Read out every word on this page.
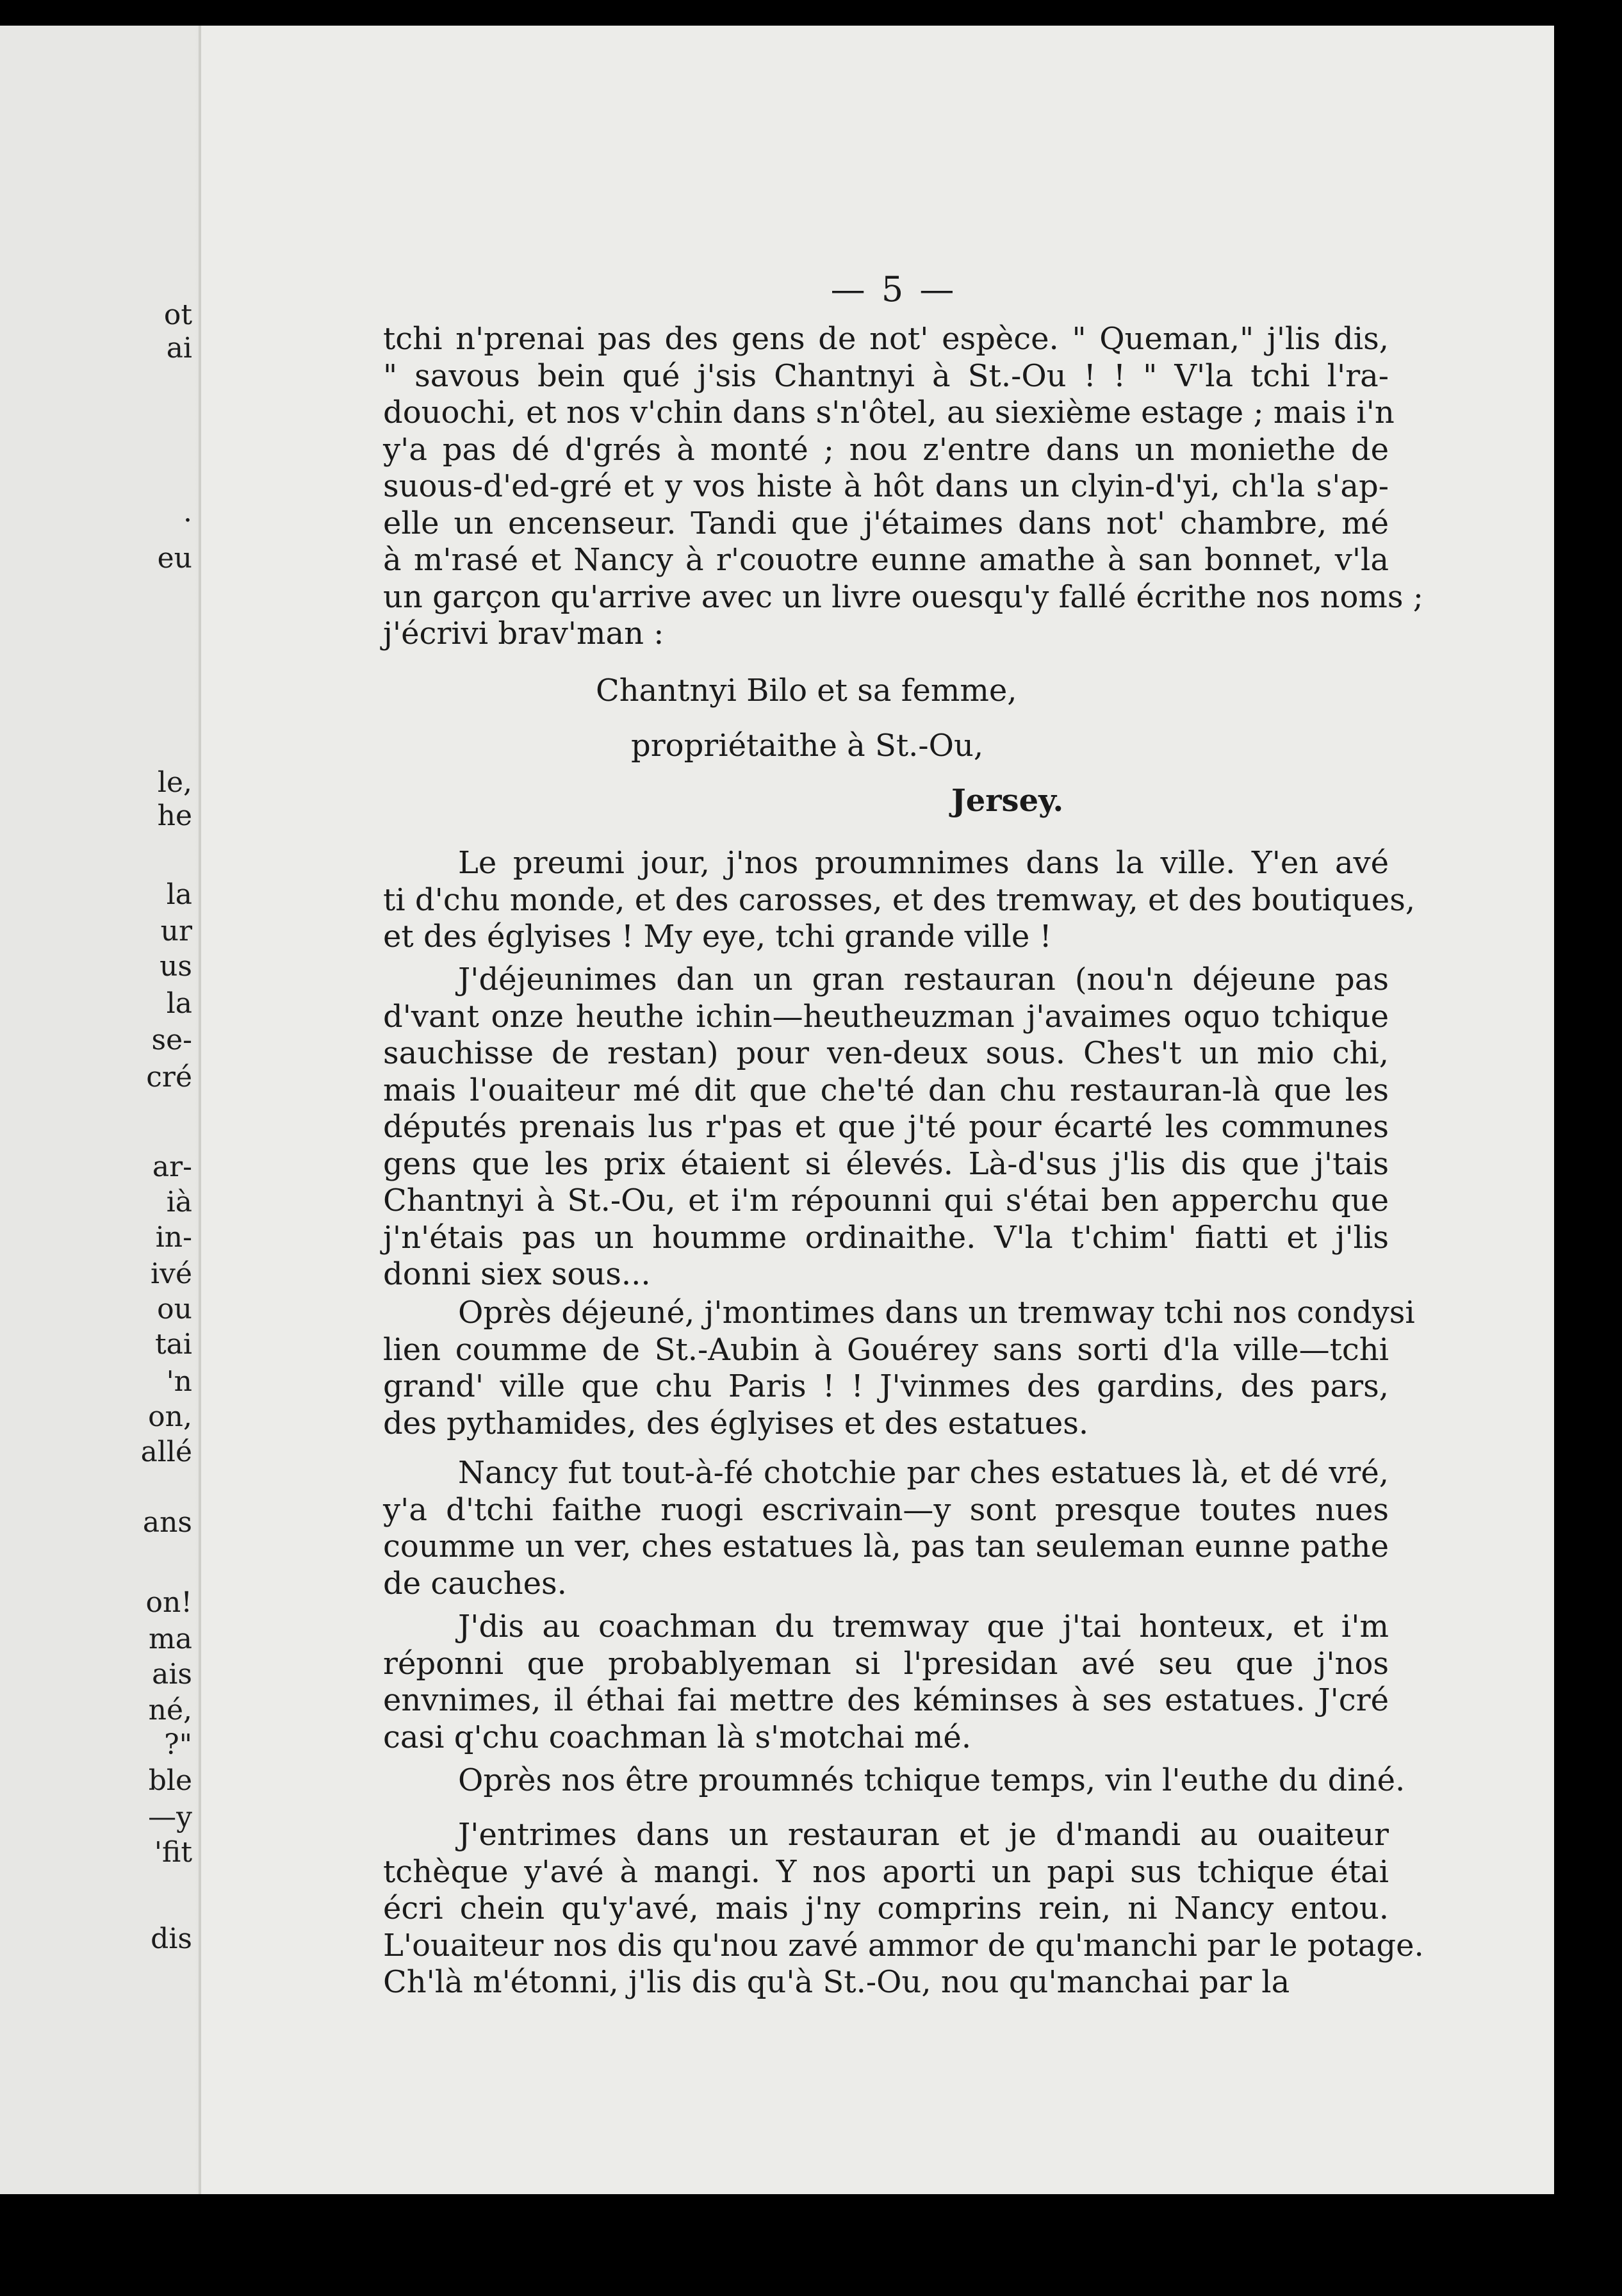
ot
ai
.
eu
le,
he
la
ur
us
la
se-
cré
ar-
ià
in-
ivé
ou
tai
'n
on,
allé
ans
on!
ma
ais
né,
?"
ble
—y
'fit
dis
— 5 —
tchi n'prenai pas des gens de not' espèce. " Queman," j'lis dis,
" savous bein qué j'sis Chantnyi à St.-Ou ! ! " V'la tchi l'ra-
douochi, et nos v'chin dans s'n'ôtel, au siexième estage ; mais i'n
y'a pas dé d'grés à monté ; nou z'entre dans un moniethe de
suous-d'ed-gré et y vos histe à hôt dans un clyin-d'yi, ch'la s'ap-
elle un encenseur. Tandi que j'étaimes dans not' chambre, mé
à m'rasé et Nancy à r'couotre eunne amathe à san bonnet, v'la
un garçon qu'arrive avec un livre ouesqu'y fallé écrithe nos noms ;
j'écrivi brav'man :
Chantnyi Bilo et sa femme,
propriétaithe à St.-Ou,
Jersey.
Le preumi jour, j'nos proumnimes dans la ville. Y'en avé
ti d'chu monde, et des carosses, et des tremway, et des boutiques,
et des églyises ! My eye, tchi grande ville !
J'déjeunimes dan un gran restauran (nou'n déjeune pas
d'vant onze heuthe ichin—heutheuzman j'avaimes oquo tchique
sauchisse de restan) pour ven-deux sous. Ches't un mio chi,
mais l'ouaiteur mé dit que che'té dan chu restauran-là que les
députés prenais lus r'pas et que j'té pour écarté les communes
gens que les prix étaient si élevés. Là-d'sus j'lis dis que j'tais
Chantnyi à St.-Ou, et i'm répounni qui s'étai ben apperchu que
j'n'étais pas un houmme ordinaithe. V'la t'chim' fiatti et j'lis
donni siex sous...
Oprès déjeuné, j'montimes dans un tremway tchi nos condysi
lien coumme de St.-Aubin à Gouérey sans sorti d'la ville—tchi
grand' ville que chu Paris ! ! J'vinmes des gardins, des pars,
des pythamides, des églyises et des estatues.
Nancy fut tout-à-fé chotchie par ches estatues là, et dé vré,
y'a d'tchi faithe ruogi escrivain—y sont presque toutes nues
coumme un ver, ches estatues là, pas tan seuleman eunne pathe
de cauches.
J'dis au coachman du tremway que j'tai honteux, et i'm
réponni que probablyeman si l'presidan avé seu que j'nos
envnimes, il éthai fai mettre des kéminses à ses estatues. J'cré
casi q'chu coachman là s'motchai mé.
Oprès nos être proumnés tchique temps, vin l'euthe du diné.
J'entrimes dans un restauran et je d'mandi au ouaiteur
tchèque y'avé à mangi. Y nos aporti un papi sus tchique étai
écri chein qu'y'avé, mais j'ny comprins rein, ni Nancy entou.
L'ouaiteur nos dis qu'nou zavé ammor de qu'manchi par le potage.
Ch'là m'étonni, j'lis dis qu'à St.-Ou, nou qu'manchai par la
